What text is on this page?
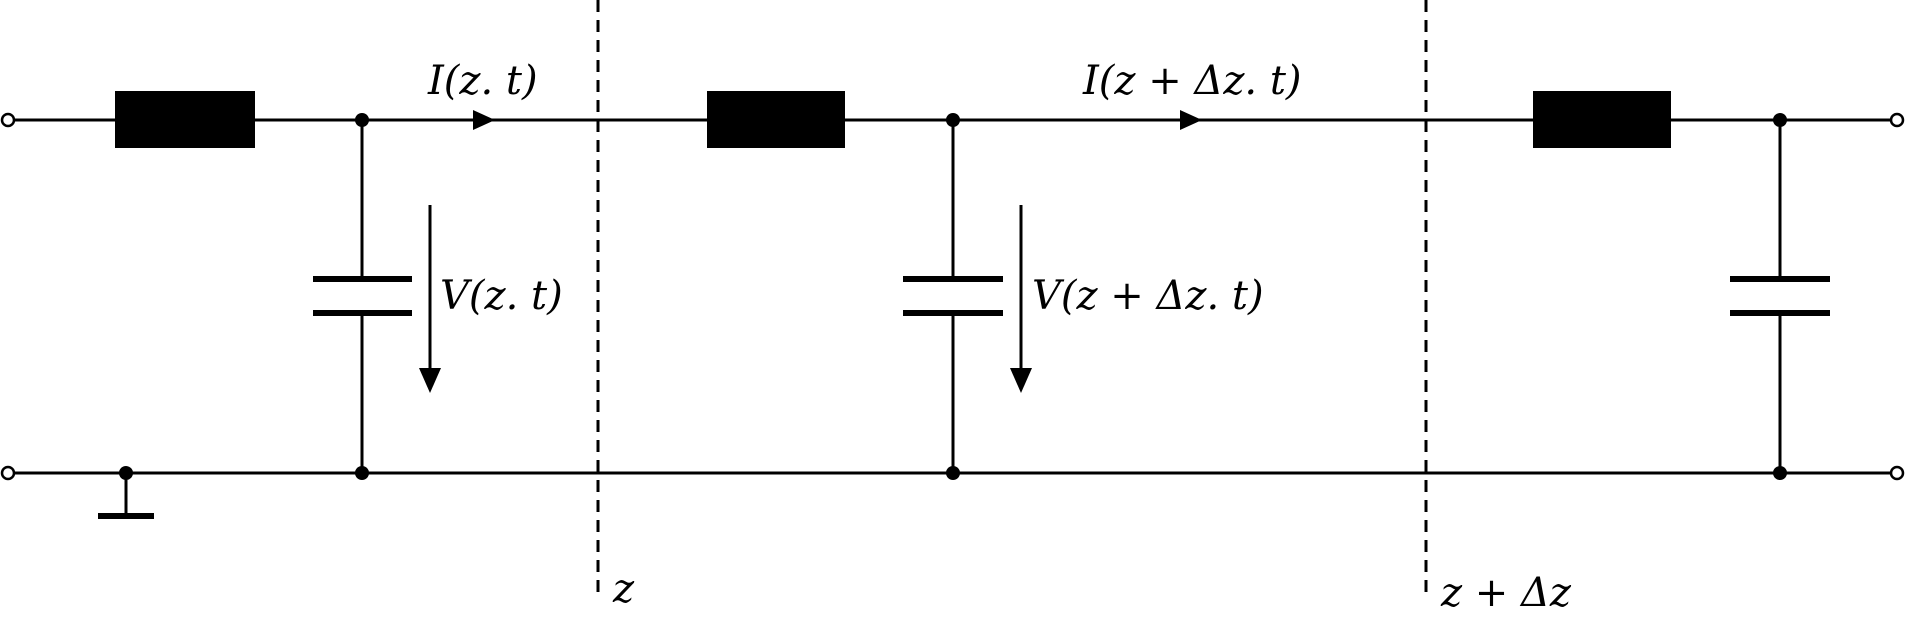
I(z. t)	I(z + Δz. t)
V(z. t)	V(z + Δz. t)
z	z + Δz
